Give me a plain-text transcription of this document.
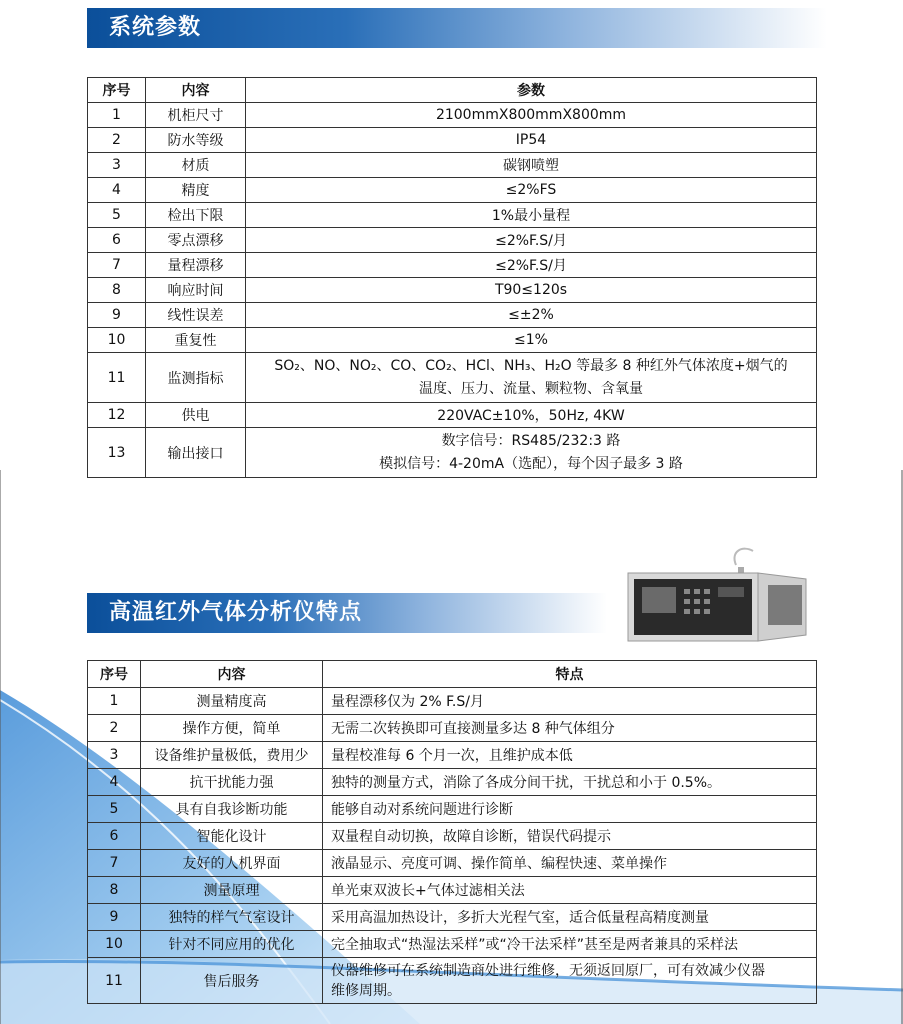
系统参数
序号	内容	参数
1	机柜尺寸	2100mmX800mmX800mm
2	防水等级	IP54
3	材质	碳钢喷塑
4	精度	≤2%FS
5	检出下限	1%最小量程
6	零点漂移	≤2%F.S/月
7	量程漂移	≤2%F.S/月
8	响应时间	T90≤120s
9	线性误差	≤±2%
10	重复性	≤1%
11	监测指标	SO₂、NO、NO₂、CO、CO₂、HCl、NH₃、H₂O 等最多 8 种红外气体浓度+烟气的
温度、压力、流量、颗粒物、含氧量

12	供电	220VAC±10%，50Hz, 4KW
13	输出接口	数字信号：RS485/232:3 路
模拟信号：4-20mA（选配），每个因子最多 3 路
高温红外气体分析仪特点
序号	内容	特点
1	测量精度高	量程漂移仅为 2% F.S/月
2	操作方便，简单	无需二次转换即可直接测量多达 8 种气体组分
3	设备维护量极低，费用少	量程校准每 6 个月一次，且维护成本低
4	抗干扰能力强	独特的测量方式，消除了各成分间干扰，干扰总和小于 0.5%。
5	具有自我诊断功能	能够自动对系统问题进行诊断
6	智能化设计	双量程自动切换，故障自诊断，错误代码提示
7	友好的人机界面	液晶显示、亮度可调、操作简单、编程快速、菜单操作
8	测量原理	单光束双波长+气体过滤相关法
9	独特的样气气室设计	采用高温加热设计，多折大光程气室，适合低量程高精度测量
10	针对不同应用的优化	完全抽取式“热湿法采样”或“冷干法采样”甚至是两者兼具的采样法
11	售后服务	仪器维修可在系统制造商处进行维修，无须返回原厂，可有效减少仪器
维修周期。
